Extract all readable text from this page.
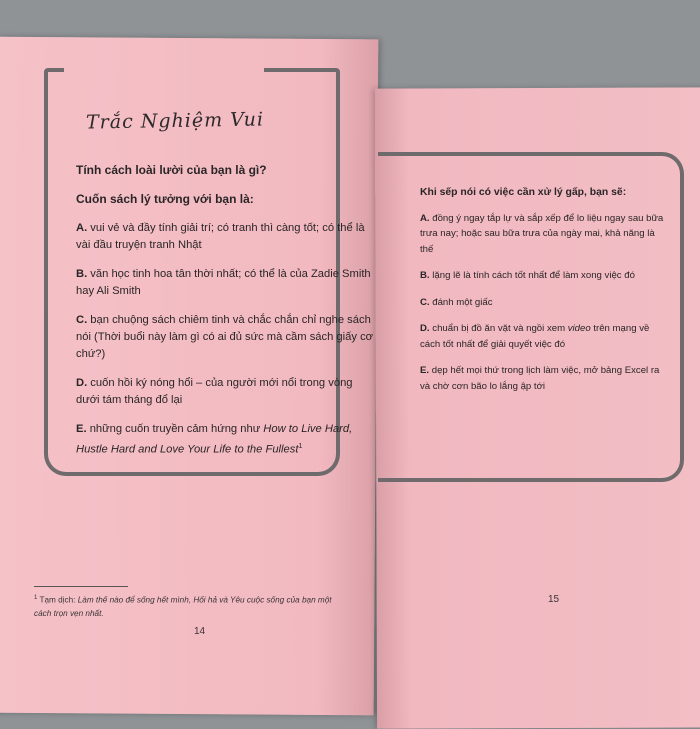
Trắc Nghiệm Vui
Tính cách loài lười của bạn là gì?
Cuốn sách lý tưởng với bạn là:
A. vui vẻ và đầy tính giải trí; có tranh thì càng tốt; có thể là vài đầu truyện tranh Nhật
B. văn học tinh hoa tân thời nhất; có thể là của Zadie Smith hay Ali Smith
C. bạn chuộng sách chiêm tinh và chắc chắn chỉ nghe sách nói (Thời buổi này làm gì có ai đủ sức mà cầm sách giấy cơ chứ?)
D. cuốn hồi ký nóng hổi – của người mới nổi trong vòng dưới tám tháng đổ lại
E. những cuốn truyền cảm hứng như How to Live Hard, Hustle Hard and Love Your Life to the Fullest$^1$
$^1$ Tạm dịch: Làm thế nào để sống hết mình, Hối hả và Yêu cuộc sống của bạn một cách trọn vẹn nhất.
14
Khi sếp nói có việc cần xử lý gấp, bạn sẽ:
A. đồng ý ngay tắp lự và sắp xếp để lo liệu ngay sau bữa trưa nay; hoặc sau bữa trưa của ngày mai, khả năng là thế
B. lặng lẽ là tính cách tốt nhất để làm xong việc đó
C. đánh một giấc
D. chuẩn bị đồ ăn vặt và ngồi xem video trên mạng về cách tốt nhất để giải quyết việc đó
E. dẹp hết mọi thứ trong lịch làm việc, mở bảng Excel ra và chờ cơn bão lo lắng ập tới
15
